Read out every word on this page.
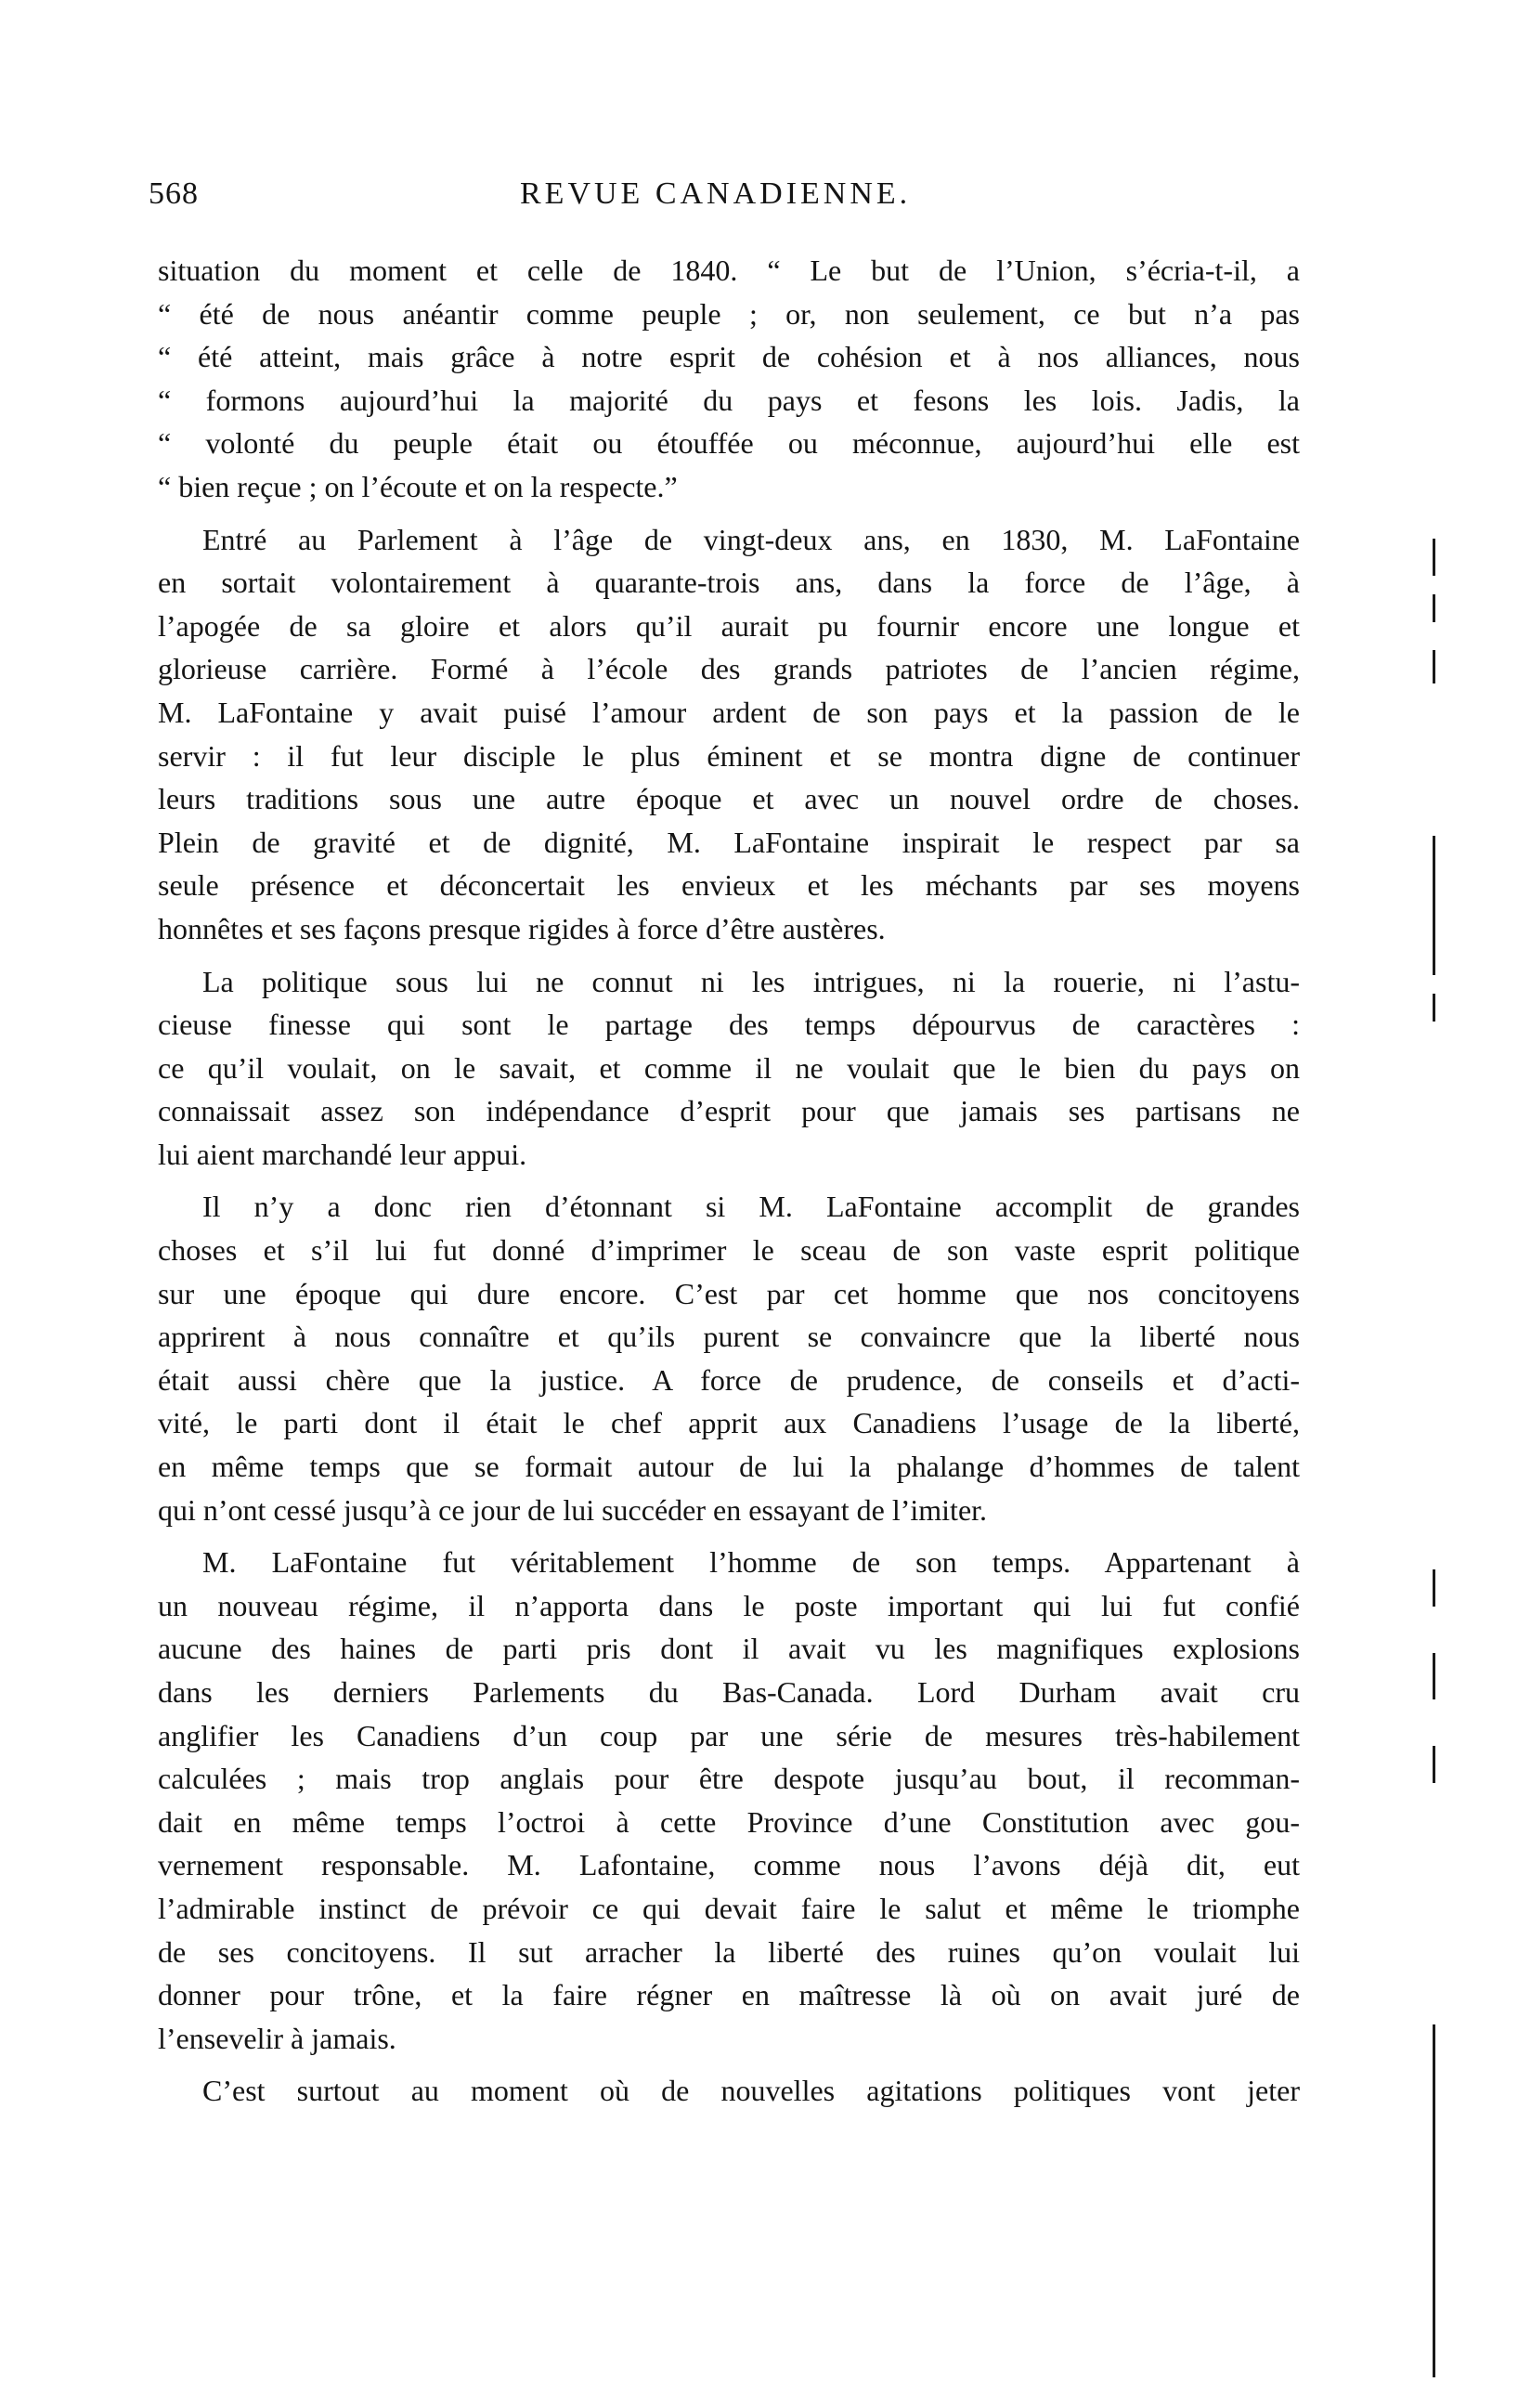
568	REVUE CANADIENNE.
situation du moment et celle de 1840. “ Le but de l’Union, s’écria-t-il, a
“ été de nous anéantir comme peuple ; or, non seulement, ce but n’a pas
“ été atteint, mais grâce à notre esprit de cohésion et à nos alliances, nous
“ formons aujourd’hui la majorité du pays et fesons les lois. Jadis, la
“ volonté du peuple était ou étouffée ou méconnue, aujourd’hui elle est
“ bien reçue ; on l’écoute et on la respecte.”
Entré au Parlement à l’âge de vingt-deux ans, en 1830, M. LaFontaine
en sortait volontairement à quarante-trois ans, dans la force de l’âge, à
l’apogée de sa gloire et alors qu’il aurait pu fournir encore une longue et
glorieuse carrière. Formé à l’école des grands patriotes de l’ancien régime,
M. LaFontaine y avait puisé l’amour ardent de son pays et la passion de le
servir : il fut leur disciple le plus éminent et se montra digne de continuer
leurs traditions sous une autre époque et avec un nouvel ordre de choses.
Plein de gravité et de dignité, M. LaFontaine inspirait le respect par sa
seule présence et déconcertait les envieux et les méchants par ses moyens
honnêtes et ses façons presque rigides à force d’être austères.
La politique sous lui ne connut ni les intrigues, ni la rouerie, ni l’astu-
cieuse finesse qui sont le partage des temps dépourvus de caractères :
ce qu’il voulait, on le savait, et comme il ne voulait que le bien du pays on
connaissait assez son indépendance d’esprit pour que jamais ses partisans ne
lui aient marchandé leur appui.
Il n’y a donc rien d’étonnant si M. LaFontaine accomplit de grandes
choses et s’il lui fut donné d’imprimer le sceau de son vaste esprit politique
sur une époque qui dure encore. C’est par cet homme que nos concitoyens
apprirent à nous connaître et qu’ils purent se convaincre que la liberté nous
était aussi chère que la justice. A force de prudence, de conseils et d’acti-
vité, le parti dont il était le chef apprit aux Canadiens l’usage de la liberté,
en même temps que se formait autour de lui la phalange d’hommes de talent
qui n’ont cessé jusqu’à ce jour de lui succéder en essayant de l’imiter.
M. LaFontaine fut véritablement l’homme de son temps. Appartenant à
un nouveau régime, il n’apporta dans le poste important qui lui fut confié
aucune des haines de parti pris dont il avait vu les magnifiques explosions
dans les derniers Parlements du Bas-Canada. Lord Durham avait cru
anglifier les Canadiens d’un coup par une série de mesures très-habilement
calculées ; mais trop anglais pour être despote jusqu’au bout, il recomman-
dait en même temps l’octroi à cette Province d’une Constitution avec gou-
vernement responsable. M. Lafontaine, comme nous l’avons déjà dit, eut
l’admirable instinct de prévoir ce qui devait faire le salut et même le triomphe
de ses concitoyens. Il sut arracher la liberté des ruines qu’on voulait lui
donner pour trône, et la faire régner en maîtresse là où on avait juré de
l’ensevelir à jamais.
C’est surtout au moment où de nouvelles agitations politiques vont jeter
